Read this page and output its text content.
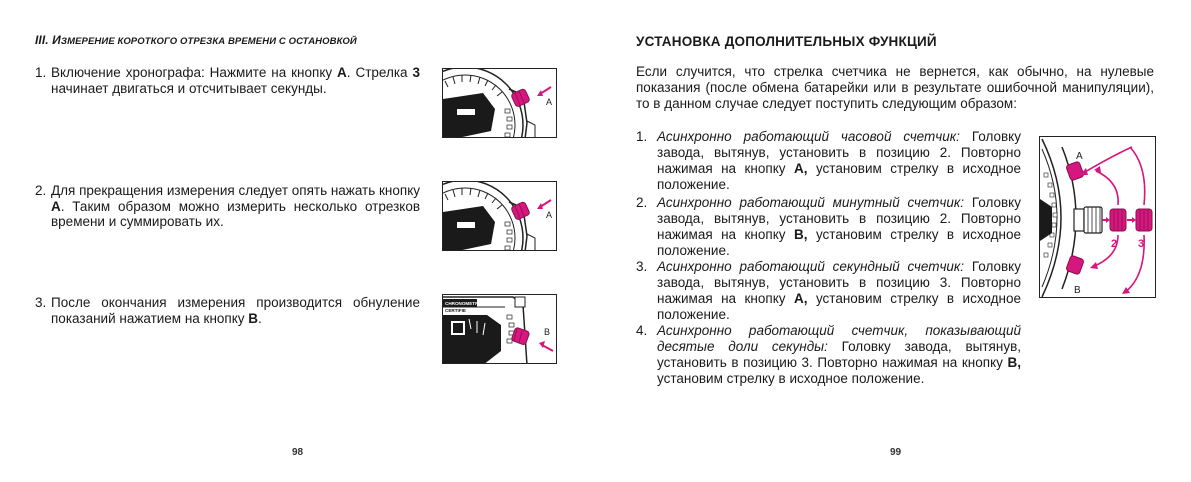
III. ИЗМЕРЕНИЕ КОРОТКОГО ОТРЕЗКА ВРЕМЕНИ С ОСТАНОВКОЙ
1. Включение хронографа: Нажмите на кнопку А. Стрелка 3 начинает двигаться и отсчитывает секунды.
A
2. Для прекращения измерения следует опять нажать кнопку А. Таким образом можно измерить несколько отрезков времени и суммировать их.	A
3. После окончания измерения производится обнуление показаний нажатием на кнопку В.
CHRONOMETRE
CERTIFIE
B
98
УСТАНОВКА ДОПОЛНИТЕЛЬНЫХ ФУНКЦИЙ
Если случится, что стрелка счетчика не вернется, как обычно, на нулевые показания (после обмена батарейки или в результате ошибочной манипуляции), то в данном случае следует поступить следующим образом:
1. Асинхронно работающий часовой счетчик: Головку завода, вытянув, установить в позицию 2. Повторно нажимая на кнопку А, установим стрелку в исходное положение.
2. Асинхронно работающий минутный счетчик: Головку завода, вытянув, установить в позицию 2. Повторно нажимая на кнопку В, установим стрелку в исходное положение.
3. Асинхронно работающий секундный счетчик: Головку завода, вытянув, установить в позицию 3. Повторно нажимая на кнопку А, установим стрелку в исходное положение.
4. Асинхронно работающий счетчик, показывающий десятые доли секунды: Головку завода, вытянув, установить в позицию 3. Повторно нажимая на кнопку В, установим стрелку в исходное положение.
A
B
2 3
99
